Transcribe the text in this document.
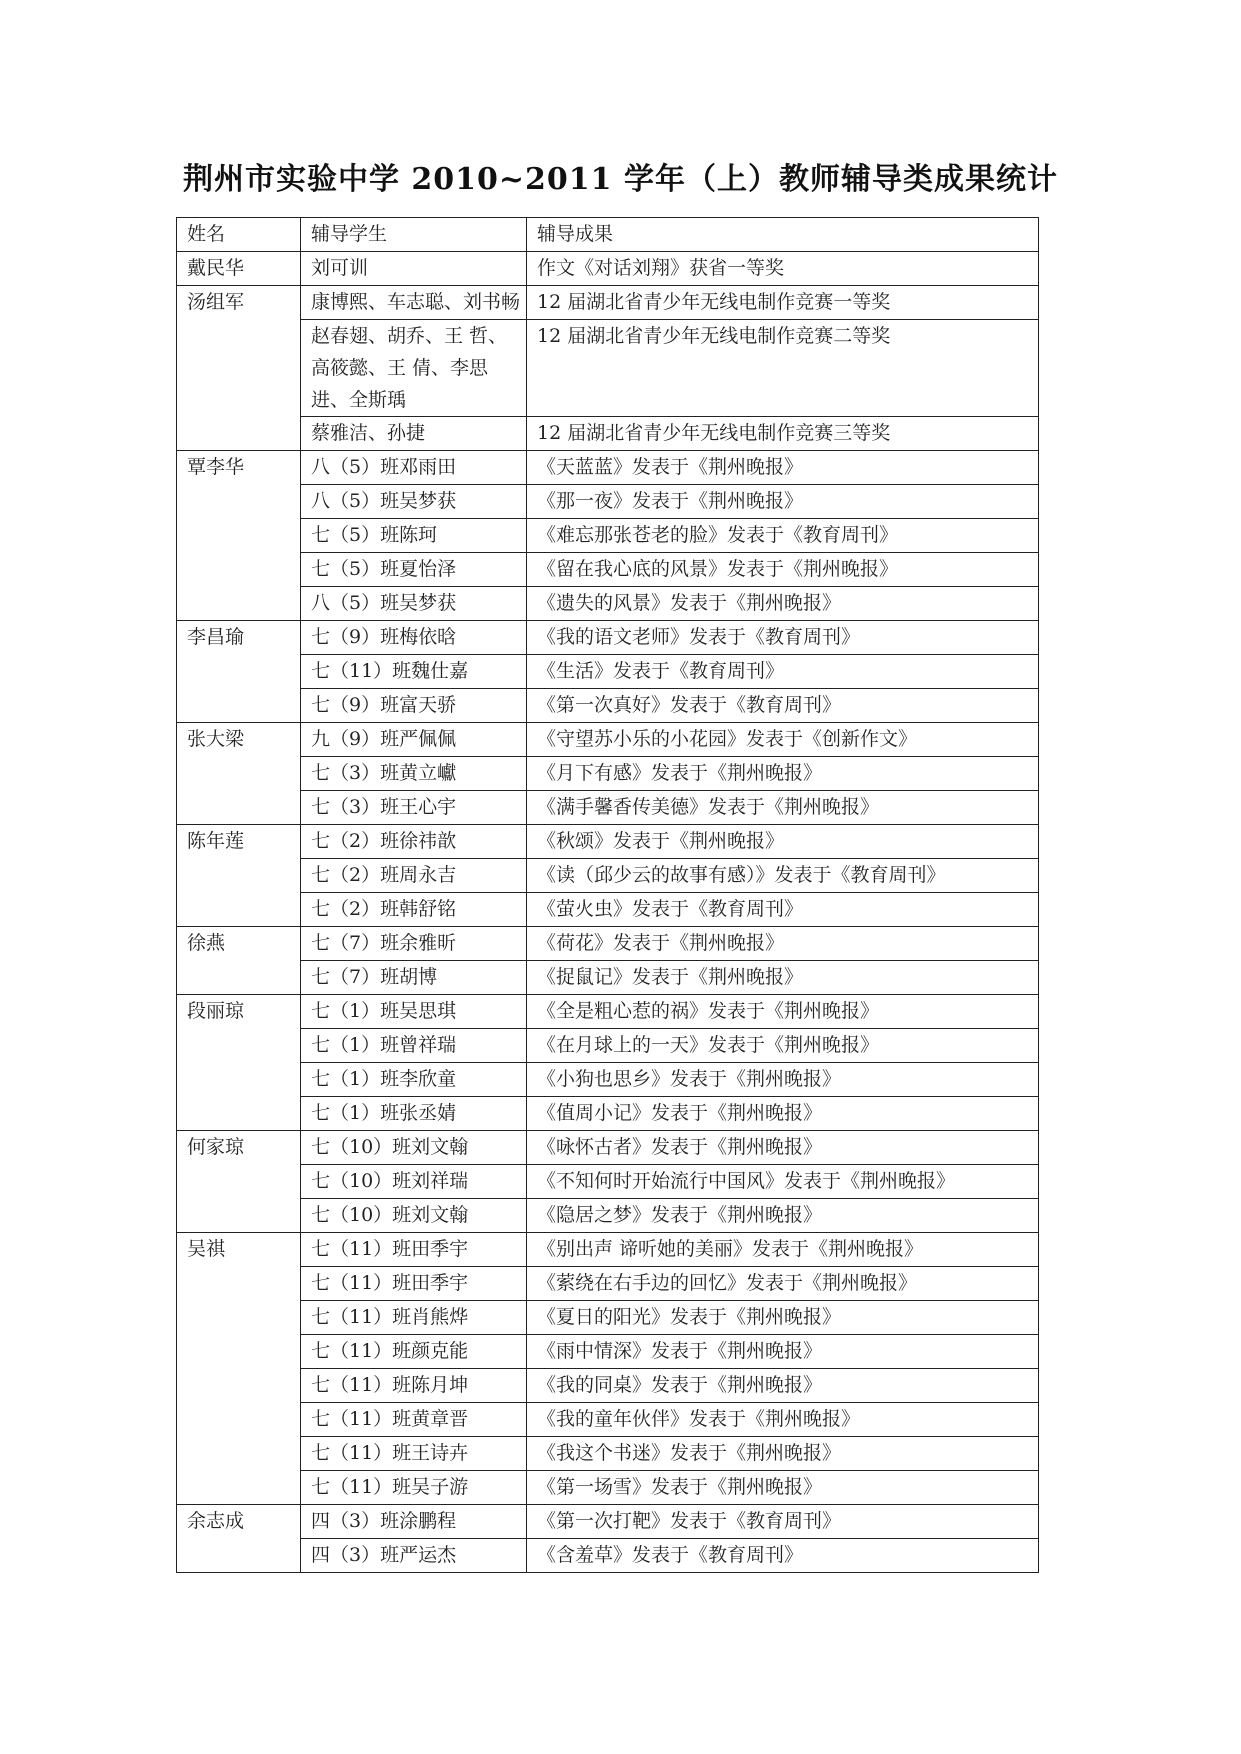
荆州市实验中学 2010~2011 学年（上）教师辅导类成果统计
姓名	辅导学生	辅导成果
戴民华	刘可训	作文《对话刘翔》获省一等奖
汤组军	康博熙、车志聪、刘书畅	12 届湖北省青少年无线电制作竞赛一等奖
	赵春翅、胡乔、王 哲、高筱懿、王 倩、李思进、全斯瑀	12 届湖北省青少年无线电制作竞赛二等奖
	蔡雅洁、孙捷	12 届湖北省青少年无线电制作竞赛三等奖
覃李华	八（5）班邓雨田	《天蓝蓝》发表于《荆州晚报》
	八（5）班吴梦获	《那一夜》发表于《荆州晚报》
	七（5）班陈珂	《难忘那张苍老的脸》发表于《教育周刊》
	七（5）班夏怡泽	《留在我心底的风景》发表于《荆州晚报》
	八（5）班吴梦获	《遗失的风景》发表于《荆州晚报》
李昌瑜	七（9）班梅依晗	《我的语文老师》发表于《教育周刊》
	七（11）班魏仕嘉	《生活》发表于《教育周刊》
	七（9）班富天骄	《第一次真好》发表于《教育周刊》
张大梁	九（9）班严佩佩	《守望苏小乐的小花园》发表于《创新作文》
	七（3）班黄立巘	《月下有感》发表于《荆州晚报》
	七（3）班王心宇	《满手馨香传美德》发表于《荆州晚报》
陈年莲	七（2）班徐祎歆	《秋颂》发表于《荆州晚报》
	七（2）班周永吉	《读（邱少云的故事有感）》发表于《教育周刊》
	七（2）班韩舒铭	《萤火虫》发表于《教育周刊》
徐燕	七（7）班余雅昕	《荷花》发表于《荆州晚报》
	七（7）班胡博	《捉鼠记》发表于《荆州晚报》
段丽琼	七（1）班吴思琪	《全是粗心惹的祸》发表于《荆州晚报》
	七（1）班曾祥瑞	《在月球上的一天》发表于《荆州晚报》
	七（1）班李欣童	《小狗也思乡》发表于《荆州晚报》
	七（1）班张丞婧	《值周小记》发表于《荆州晚报》
何家琼	七（10）班刘文翰	《咏怀古者》发表于《荆州晚报》
	七（10）班刘祥瑞	《不知何时开始流行中国风》发表于《荆州晚报》
	七（10）班刘文翰	《隐居之梦》发表于《荆州晚报》
吴祺	七（11）班田季宇	《别出声 谛听她的美丽》发表于《荆州晚报》
	七（11）班田季宇	《萦绕在右手边的回忆》发表于《荆州晚报》
	七（11）班肖熊烨	《夏日的阳光》发表于《荆州晚报》
	七（11）班颜克能	《雨中情深》发表于《荆州晚报》
	七（11）班陈月坤	《我的同桌》发表于《荆州晚报》
	七（11）班黄章晋	《我的童年伙伴》发表于《荆州晚报》
	七（11）班王诗卉	《我这个书迷》发表于《荆州晚报》
	七（11）班吴子游	《第一场雪》发表于《荆州晚报》
余志成	四（3）班涂鹏程	《第一次打靶》发表于《教育周刊》
	四（3）班严运杰	《含羞草》发表于《教育周刊》
